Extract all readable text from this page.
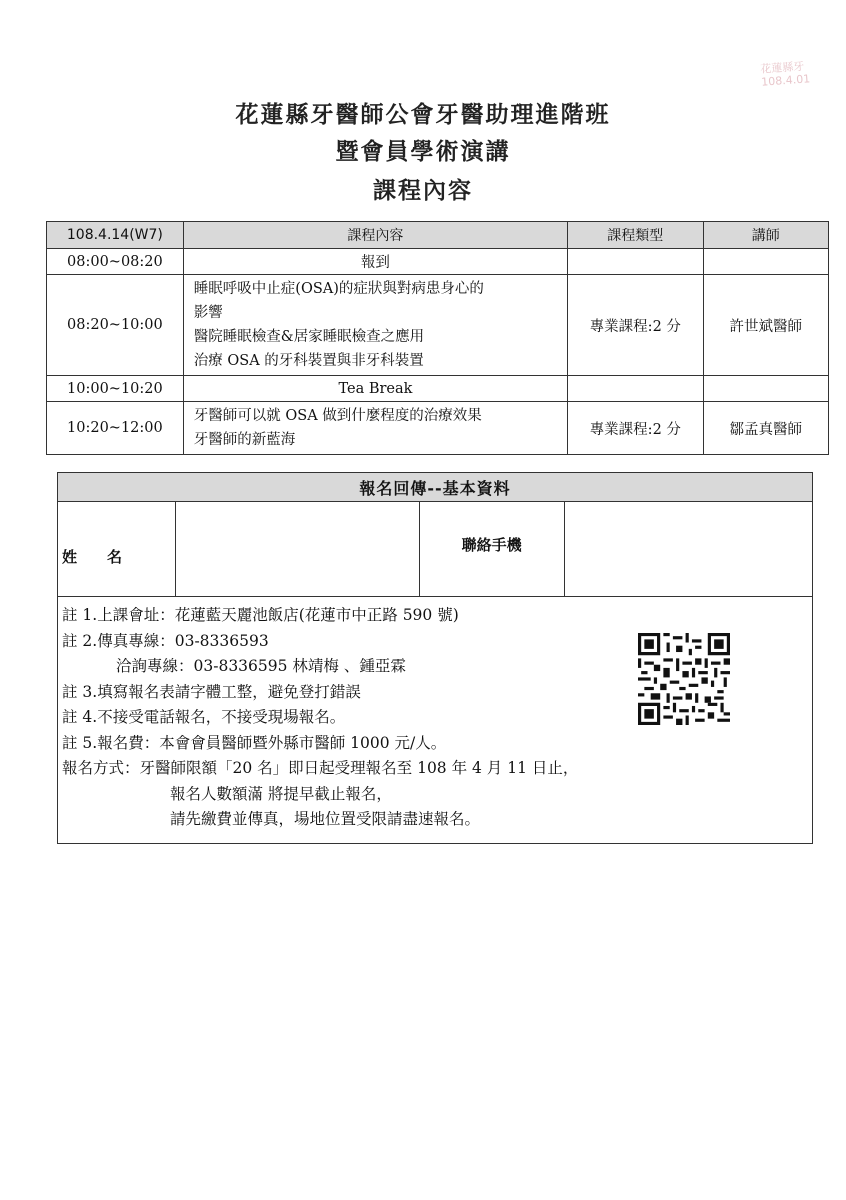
花蓮縣牙
108.4.01
花蓮縣牙醫師公會牙醫助理進階班
暨會員學術演講
課程內容
108.4.14(W7)	課程內容	課程類型	講師
08:00~08:20	報到		
08:20~10:00	睡眠呼吸中止症(OSA)的症狀與對病患身心的
影響
醫院睡眠檢查&居家睡眠檢查之應用
治療 OSA 的牙科裝置與非牙科裝置	專業課程:2 分	許世斌醫師
10:00~10:20	Tea Break		
10:20~12:00	牙醫師可以就 OSA 做到什麼程度的治療效果
牙醫師的新藍海	專業課程:2 分	鄒孟真醫師
報名回傳--基本資料
姓　　名		聯絡手機	

註 1.上課會址：花蓮藍天麗池飯店(花蓮市中正路 590 號)
註 2.傳真專線：03-8336593
洽詢專線：03-8336595 林靖梅 、鍾亞霖
註 3.填寫報名表請字體工整，避免登打錯誤
註 4.不接受電話報名，不接受現場報名。
註 5.報名費：本會會員醫師暨外縣市醫師 1000 元/人。
報名方式：牙醫師限額「20 名」即日起受理報名至 108 年 4 月 11 日止，
報名人數額滿 將提早截止報名，
請先繳費並傳真，場地位置受限請盡速報名。
